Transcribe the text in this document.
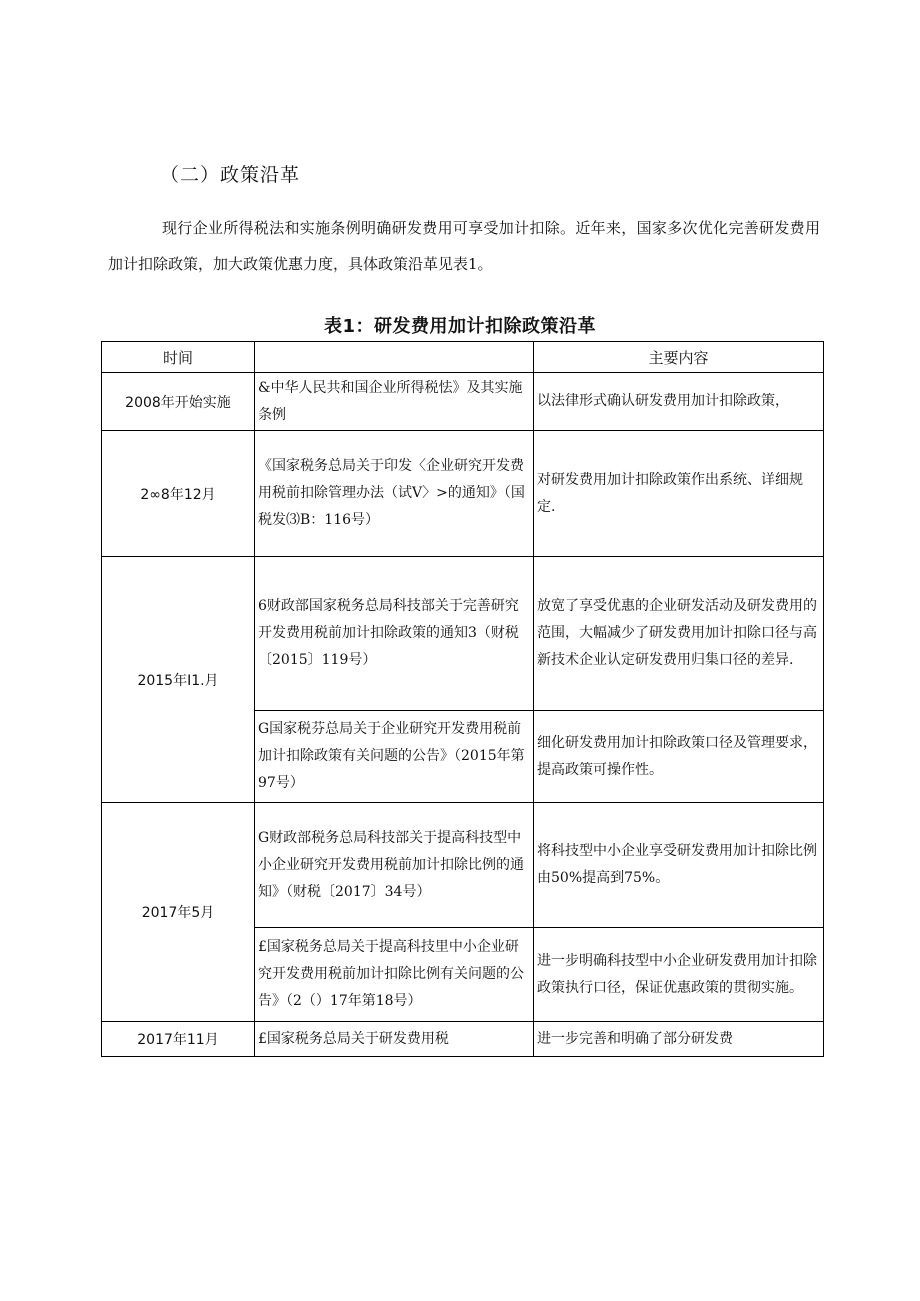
（二）政策沿革

现行企业所得税法和实施条例明确研发费用可享受加计扣除。近年来，国家多次优化完善研发费用加计扣除政策，加大政策优惠力度，具体政策沿革见表1。

表1：研发费用加计扣除政策沿革
时间		主要内容
2008年开始实施	&中华人民共和国企业所得税怯》及其实施条例	以法律形式确认研发费用加计扣除政策，
2∞8年12月	《国家税务总局关于印发〈企业研究开发费用税前扣除管理办法（试V〉>的通知》（国税发⑶B：116号）	对研发费用加计扣除政策作出系统、详细规定.
2015年I1.月	6财政部国家税务总局科技部关于完善研究开发费用税前加计扣除政策的通知3（财税〔2015〕119号）	放宽了享受优惠的企业研发活动及研发费用的范围，大幅减少了研发费用加计扣除口径与高新技术企业认定研发费用归集口径的差异.
	G国家税芬总局关于企业研究开发费用税前加计扣除政策有关问题的公告》（2015年第97号）	细化研发费用加计扣除政策口径及管理要求，提高政策可操作性。
2017年5月	G财政部税务总局科技部关于提高科技型中小企业研究开发费用税前加计扣除比例的通知》（财税〔2017〕34号）	将科技型中小企业享受研发费用加计扣除比例由50%提高到75%。
	£国家税务总局关于提高科技里中小企业研究开发费用税前加计扣除比例有关问题的公告》（2（）17年第18号）	进一步明确科技型中小企业研发费用加计扣除政策执行口径，保证优惠政策的贯彻实施。
2017年11月	£国家税务总局关于研发费用税	进一步完善和明确了部分研发费
